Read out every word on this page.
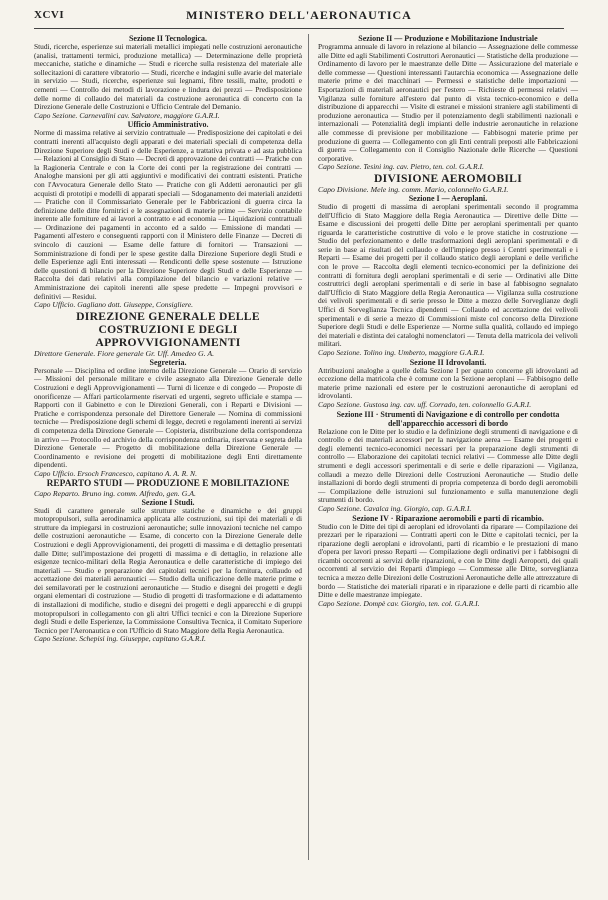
XCVI	MINISTERO DELL'AERONAUTICA
Sezione II Tecnologica.

Studi, ricerche, esperienze sui materiali metallici impiegati nelle costruzioni aeronautiche (analisi, trattamenti termici, produzione metallica) — Determinazione delle proprietà meccaniche, statiche e dinamiche — Studi e ricerche sulla resistenza del materiale alle sollecitazioni di carattere vibratorio — Studi, ricerche e indagini sulle avarie del materiale in servizio — Studi, ricerche, esperienze sui legnami, fibre tessili, malte, prodotti e cementi — Controllo dei metodi di lavorazione e lindura dei prezzi — Predisposizione delle norme di collaudo dei materiali da costruzione aeronautica di concerto con la Direzione Generale delle Costruzioni e Ufficio Centrale del Demanio.

Capo Sezione. Carnevalini cav. Salvatore, maggiore G.A.R.I.

Ufficio Amministrativo.

Norme di massima relative ai servizio contrattuale — Predisposizione dei capitolati e dei contratti inerenti all'acquisto degli apparati e dei materiali speciali di competenza della Direzione Superiore degli Studi e delle Esperienze, a trattativa privata e ad asta pubblica — Relazioni al Consiglio di Stato — Decreti di approvazione dei contratti — Pratiche con la Ragioneria Centrale e con la Corte dei conti per la registrazione dei contratti — Analoghe mansioni per gli atti aggiuntivi e modificativi dei contratti esistenti. Pratiche con l'Avvocatura Generale dello Stato — Pratiche con gli Addetti aeronautici per gli acquisti di prototipi e modelli di apparati speciali — Sdoganamento dei materiali anzidetti — Pratiche con il Commissariato Generale per le Fabbricazioni di guerra circa la definizione delle ditte fornitrici e le assegnazioni di materie prime — Servizio contabile inerente alle forniture ed ai lavori a contratto e ad economia — Liquidazioni contrattuali — Ordinazione dei pagamenti in acconto ed a saldo — Emissione di mandati — Pagamenti all'estero e conseguenti rapporti con il Ministero delle Finanze — Decreti di svincolo di cauzioni — Esame delle fatture di fornitori — Transazioni — Somministrazione di fondi per le spese gestite dalla Direzione Superiore degli Studi e delle Esperienze agli Enti interessati — Rendiconti delle spese sostenute — Istruzione delle questioni di bilancio per la Direzione Superiore degli Studi e delle Esperienze — Raccolta dei dati relativi alla compilazione del bilancio e variazioni relative — Amministrazione dei capitoli inerenti alle spese predette — Impegni provvisori e definitivi — Residui.

Capo Ufficio. Gagliano dott. Giuseppe, Consigliere.

DIREZIONE GENERALE DELLE COSTRUZIONI E DEGLI APPROVVIGIONAMENTI

Direttore Generale. Fiore generale Gr. Uff. Amedeo G. A.

Segreteria.

Personale — Disciplina ed ordine interno della Direzione Generale — Orario di servizio — Missioni del personale militare e civile assegnato alla Direzione Generale delle Costruzioni e degli Approvvigionamenti — Turni di licenze e di congedo — Proposte di onorificenze — Affari particolarmente riservati ed urgenti, segreto ufficiale e stampa — Rapporti con il Gabinetto e con le Direzioni Generali, con i Reparti e Divisioni — Pratiche e corrispondenza personale del Direttore Generale — Nomina di commissioni tecniche — Predisposizione degli schemi di legge, decreti e regolamenti inerenti ai servizi di competenza della Direzione Generale — Copisteria, distribuzione della corrispondenza in arrivo — Protocollo ed archivio della corrispondenza ordinaria, riservata e segreta della Direzione Generale — Progetto di mobilitazione della Direzione Generale — Coordinamento e revisione dei progetti di mobilitazione degli Enti direttamente dipendenti.

Capo Ufficio. Ersoch Francesco, capitano A. A. R. N.

REPARTO STUDI — PRODUZIONE E MOBILITAZIONE

Capo Reparto. Bruno ing. comm. Alfredo, gen. G.A.

Sezione I Studi.

Studi di carattere generale sulle strutture statiche e dinamiche e dei gruppi motopropulsori, sulla aerodinamica applicata alle costruzioni, sui tipi dei materiali e di strutture da impiegarsi in costruzioni aeronautiche; sulle innovazioni tecniche nel campo delle costruzioni aeronautiche — Esame, di concerto con la Direzione Generale delle Costruzioni e degli Approvvigionamenti, dei progetti di massima e di dettaglio presentati dalle Ditte; sull'impostazione dei progetti di massima e di dettaglio, in relazione alle esigenze tecnico-militari della Regia Aeronautica e delle caratteristiche di impiego dei materiali — Studio e preparazione dei capitolati tecnici per la fornitura, collaudo ed accettazione dei materiali aeronautici — Studio della unificazione delle materie prime e dei semilavorati per le costruzioni aeronautiche — Studio e disegni dei progetti e degli organi elementari di costruzione — Studio di progetti di trasformazione e di adattamento di installazioni di modifiche, studio e disegni dei progetti e degli apparecchi e di gruppi motopropulsori in collegamento con gli altri Uffici tecnici e con la Direzione Superiore degli Studi e delle Esperienze, la Commissione Consultiva Tecnica, il Comitato Superiore Tecnico per l'Aeronautica e con l'Ufficio di Stato Maggiore della Regia Aeronautica.

Capo Sezione. Schepisi ing. Giuseppe, capitano G.A.R.I.

Sezione II — Produzione e Mobilitazione Industriale

Programma annuale di lavoro in relazione al bilancio — Assegnazione delle commesse alle Ditte ed agli Stabilimenti Costruttori Aeronautici — Statistiche della produzione — Ordinamento di lavoro per le maestranze delle Ditte — Assicurazione del materiale e delle commesse — Questioni interessanti l'autarchia economica — Assegnazione delle materie prime e dei macchinari — Permessi e statistiche delle importazioni — Esportazioni di materiali aeronautici per l'estero — Richieste di permessi relativi — Vigilanza sulle forniture all'estero dal punto di vista tecnico-economico e della distribuzione di apparecchi — Visite di estranei e missioni straniere agli stabilimenti di produzione aeronautica — Studio per il potenziamento degli stabilimenti nazionali e internazionali — Potenzialità degli impianti delle industrie aeronautiche in relazione alle commesse di previsione per mobilitazione — Fabbisogni materie prime per produzione di guerra — Collegamento con gli Enti centrali preposti alle Fabbricazioni di guerra — Collegamento con il Consiglio Nazionale delle Ricerche — Questioni corporative.

Capo Sezione. Tesini ing. cav. Pietro, ten. col. G.A.R.I.

DIVISIONE AEROMOBILI

Capo Divisione. Mele ing. comm. Mario, colonnello G.A.R.I.

Sezione I — Aeroplani.

Studio di progetti di massima di aeroplani sperimentali secondo il programma dell'Ufficio di Stato Maggiore della Regia Aeronautica — Direttive delle Ditte — Esame e discussioni dei progetti delle Ditte per aeroplani sperimentali per quanto riguarda le caratteristiche costruttive di volo e le prove statiche in costruzione — Studio del perfezionamento e delle trasformazioni degli aeroplani sperimentali e di serie in base ai risultati del collaudo e dell'impiego presso i Centri sperimentali e i Reparti — Esame dei progetti per il collaudo statico degli aeroplani e delle verifiche con le prove — Raccolta degli elementi tecnico-economici per la definizione dei contratti di fornitura degli aeroplani sperimentali e di serie — Ordinativi alle Ditte costruttrici degli aeroplani sperimentali e di serie in base al fabbisogno segnalato dall'Ufficio di Stato Maggiore della Regia Aeronautica — Vigilanza sulla costruzione dei velivoli sperimentali e di serie presso le Ditte a mezzo delle Sorveglianze degli Uffici di Sorveglianza Tecnica dipendenti — Collaudo ed accettazione dei velivoli sperimentali e di serie a mezzo di Commissioni miste col concorso della Direzione Superiore degli Studi e delle Esperienze — Norme sulla qualità, collaudo ed impiego dei materiali e distinta dei cataloghi nomenclatori — Tenuta della matricola dei velivoli militari.

Capo Sezione. Tolino ing. Umberto, maggiore G.A.R.I.

Sezione II Idrovolanti.

Attribuzioni analoghe a quelle della Sezione I per quanto concerne gli idrovolanti ad eccezione della matricola che è comune con la Sezione aeroplani — Fabbisogno delle materie prime nazionali ed estere per le costruzioni aeronautiche di aeroplani ed idrovolanti.

Capo Sezione. Gustosa ing. cav. uff. Corrado, ten. colonnello G.A.R.I.

Sezione III · Strumenti di Navigazione e di controllo per condotta dell'apparecchio accessori di bordo

Relazione con le Ditte per lo studio e la definizione degli strumenti di navigazione e di controllo e dei materiali accessori per la navigazione aerea — Esame dei progetti e degli elementi tecnico-economici necessari per la preparazione degli strumenti di controllo — Elaborazione dei capitolati tecnici relativi — Commesse alle Ditte degli strumenti e degli accessori sperimentali e di serie e delle riparazioni — Vigilanza, collaudi a mezzo delle Direzioni delle Costruzioni Aeronautiche — Studio delle installazioni di bordo degli strumenti di propria competenza di bordo degli aeromobili — Compilazione delle istruzioni sul funzionamento e sulla manutenzione degli strumenti di bordo.

Capo Sezione. Cavalca ing. Giorgio, cap. G.A.R.I.

Sezione IV · Riparazione aeromobili e parti di ricambio.

Studio con le Ditte dei tipi di aeroplani ed idrovolanti da riparare — Compilazione dei prezzari per le riparazioni — Contratti aperti con le Ditte e capitolati tecnici, per la riparazione degli aeroplani e idrovolanti, parti di ricambio e le prestazioni di mano d'opera per lavori presso Reparti — Compilazione degli ordinativi per i fabbisogni di ricambi occorrenti ai servizi delle riparazioni, e con le Ditte degli Aeroporti, dei quali occorrenti al servizio dei Reparti d'impiego — Commesse alle Ditte, sorveglianza tecnica a mezzo delle Direzioni delle Costruzioni Aeronautiche delle alle attrezzature di bordo — Statistiche dei materiali riparati e in riparazione e delle parti di ricambio alle Ditte e delle maestranze impiegate.

Capo Sezione. Dompè cav. Giorgio, ten. col. G.A.R.I.
